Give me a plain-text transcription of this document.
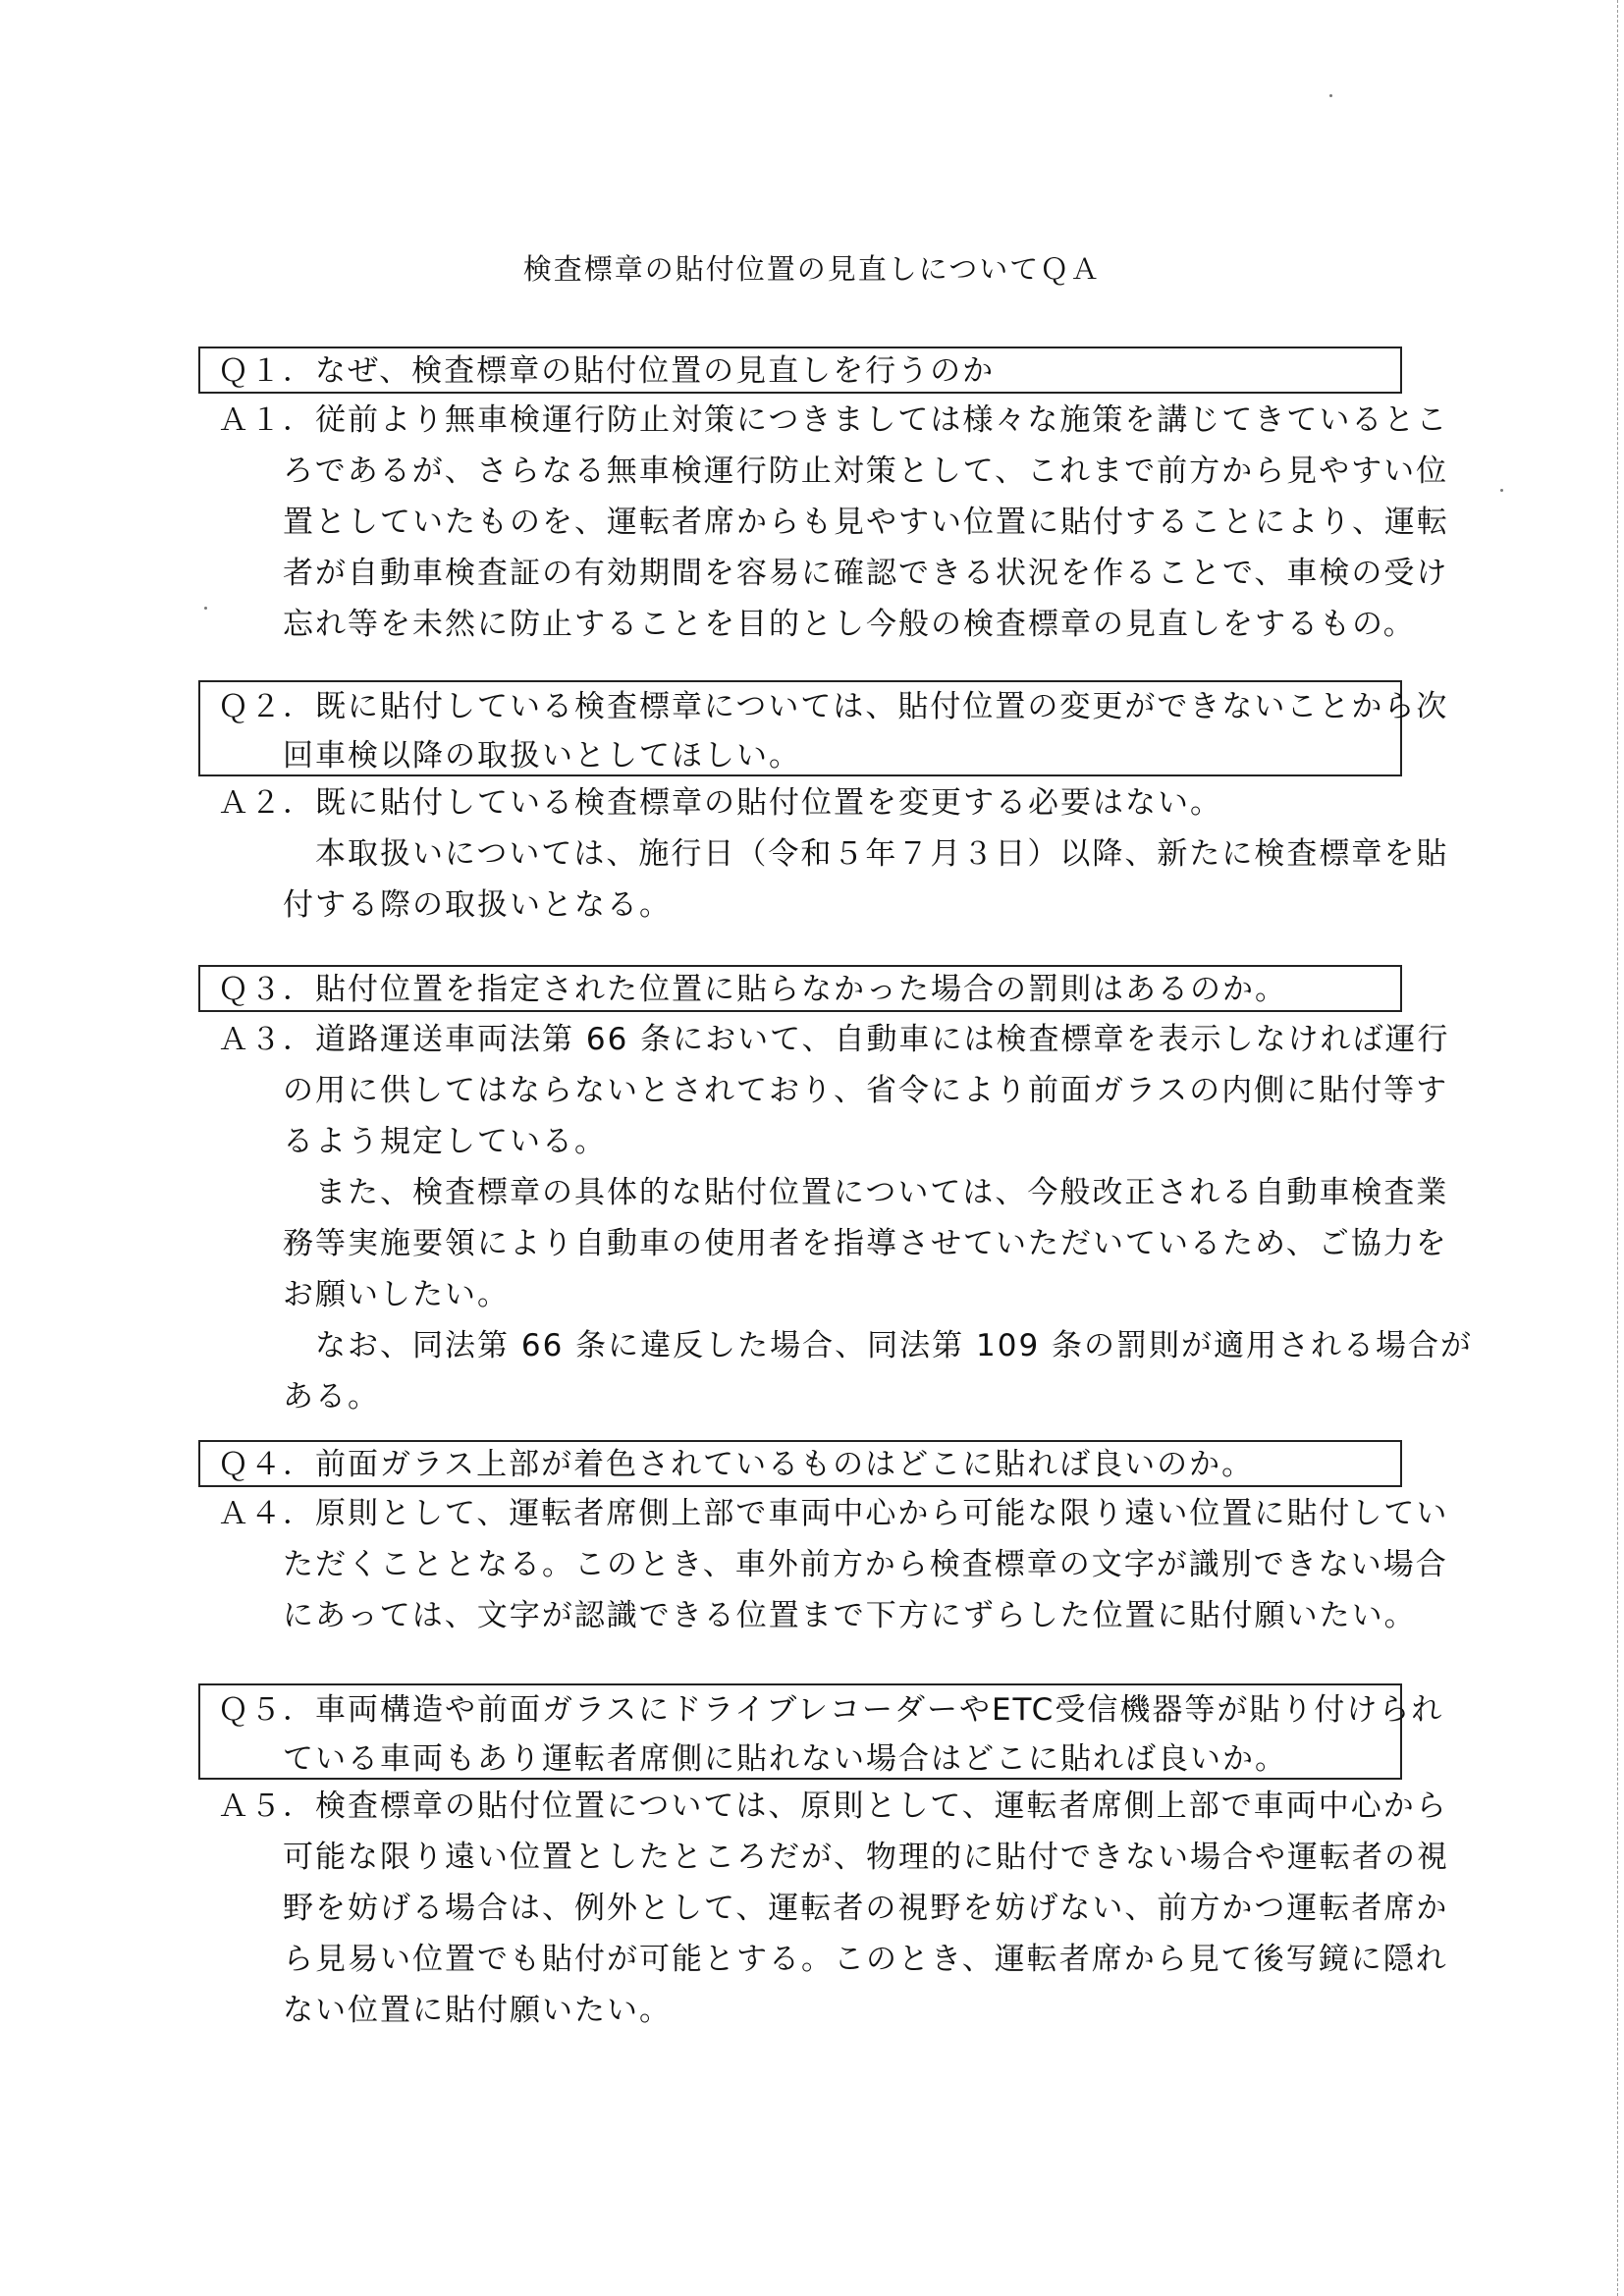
検査標章の貼付位置の見直しについてＱＡ
Ｑ１．なぜ、検査標章の貼付位置の見直しを行うのか
Ａ１．従前より無車検運行防止対策につきましては様々な施策を講じてきているとこ
　　ろであるが、さらなる無車検運行防止対策として、これまで前方から見やすい位
　　置としていたものを、運転者席からも見やすい位置に貼付することにより、運転
　　者が自動車検査証の有効期間を容易に確認できる状況を作ることで、車検の受け
　　忘れ等を未然に防止することを目的とし今般の検査標章の見直しをするもの。
Ｑ２．既に貼付している検査標章については、貼付位置の変更ができないことから次
　　回車検以降の取扱いとしてほしい。
Ａ２．既に貼付している検査標章の貼付位置を変更する必要はない。
　　　本取扱いについては、施行日（令和５年７月３日）以降、新たに検査標章を貼
　　付する際の取扱いとなる。
Ｑ３．貼付位置を指定された位置に貼らなかった場合の罰則はあるのか。
Ａ３．道路運送車両法第 66 条において、自動車には検査標章を表示しなければ運行
　　の用に供してはならないとされており、省令により前面ガラスの内側に貼付等す
　　るよう規定している。
　　　また、検査標章の具体的な貼付位置については、今般改正される自動車検査業
　　務等実施要領により自動車の使用者を指導させていただいているため、ご協力を
　　お願いしたい。
　　　なお、同法第 66 条に違反した場合、同法第 109 条の罰則が適用される場合が
　　ある。
Ｑ４．前面ガラス上部が着色されているものはどこに貼れば良いのか。
Ａ４．原則として、運転者席側上部で車両中心から可能な限り遠い位置に貼付してい
　　ただくこととなる。このとき、車外前方から検査標章の文字が識別できない場合
　　にあっては、文字が認識できる位置まで下方にずらした位置に貼付願いたい。
Ｑ５．車両構造や前面ガラスにドライブレコーダーやETC受信機器等が貼り付けられ
　　ている車両もあり運転者席側に貼れない場合はどこに貼れば良いか。
Ａ５．検査標章の貼付位置については、原則として、運転者席側上部で車両中心から
　　可能な限り遠い位置としたところだが、物理的に貼付できない場合や運転者の視
　　野を妨げる場合は、例外として、運転者の視野を妨げない、前方かつ運転者席か
　　ら見易い位置でも貼付が可能とする。このとき、運転者席から見て後写鏡に隠れ
　　ない位置に貼付願いたい。
